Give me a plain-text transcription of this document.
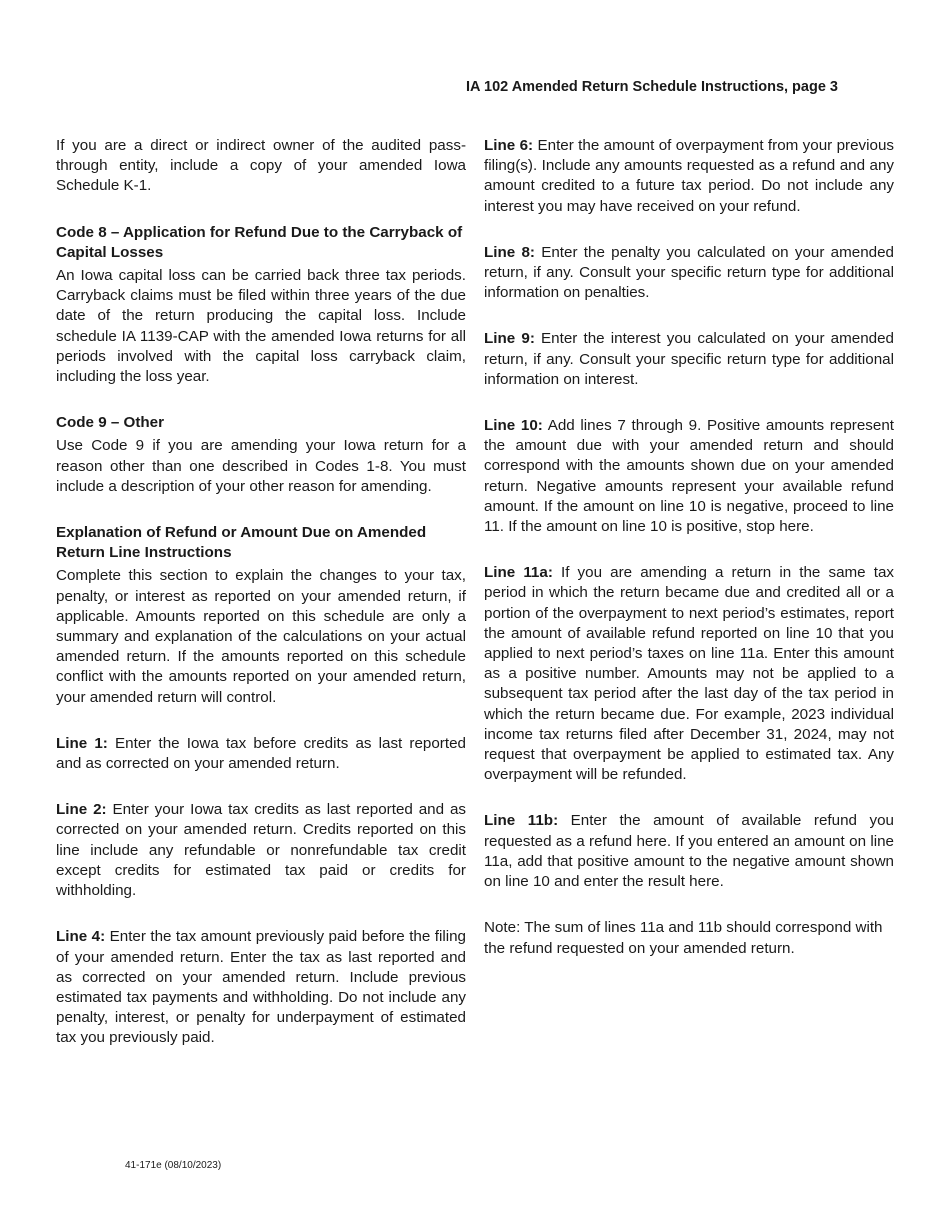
IA 102 Amended Return Schedule Instructions, page 3

If you are a direct or indirect owner of the audited pass-through entity, include a copy of your amended Iowa Schedule K-1.

Code 8 – Application for Refund Due to the Carryback of Capital Losses

An Iowa capital loss can be carried back three tax periods. Carryback claims must be filed within three years of the due date of the return producing the capital loss. Include schedule IA 1139-CAP with the amended Iowa returns for all periods involved with the capital loss carryback claim, including the loss year.

Code 9 – Other

Use Code 9 if you are amending your Iowa return for a reason other than one described in Codes 1-8. You must include a description of your other reason for amending.

Explanation of Refund or Amount Due on Amended Return Line Instructions

Complete this section to explain the changes to your tax, penalty, or interest as reported on your amended return, if applicable. Amounts reported on this schedule are only a summary and explanation of the calculations on your actual amended return. If the amounts reported on this schedule conflict with the amounts reported on your amended return, your amended return will control.

Line 1: Enter the Iowa tax before credits as last reported and as corrected on your amended return.

Line 2: Enter your Iowa tax credits as last reported and as corrected on your amended return. Credits reported on this line include any refundable or nonrefundable tax credit except credits for estimated tax paid or credits for withholding.

Line 4: Enter the tax amount previously paid before the filing of your amended return. Enter the tax as last reported and as corrected on your amended return. Include previous estimated tax payments and withholding. Do not include any penalty, interest, or penalty for underpayment of estimated tax you previously paid.

Line 6: Enter the amount of overpayment from your previous filing(s). Include any amounts requested as a refund and any amount credited to a future tax period. Do not include any interest you may have received on your refund.

Line 8: Enter the penalty you calculated on your amended return, if any. Consult your specific return type for additional information on penalties.

Line 9: Enter the interest you calculated on your amended return, if any. Consult your specific return type for additional information on interest.

Line 10: Add lines 7 through 9. Positive amounts represent the amount due with your amended return and should correspond with the amounts shown due on your amended return. Negative amounts represent your available refund amount. If the amount on line 10 is negative, proceed to line 11. If the amount on line 10 is positive, stop here.

Line 11a: If you are amending a return in the same tax period in which the return became due and credited all or a portion of the overpayment to next period’s estimates, report the amount of available refund reported on line 10 that you applied to next period’s taxes on line 11a. Enter this amount as a positive number. Amounts may not be applied to a subsequent tax period after the last day of the tax period in which the return became due. For example, 2023 individual income tax returns filed after December 31, 2024, may not request that overpayment be applied to estimated tax. Any overpayment will be refunded.

Line 11b: Enter the amount of available refund you requested as a refund here. If you entered an amount on line 11a, add that positive amount to the negative amount shown on line 10 and enter the result here.

Note: The sum of lines 11a and 11b should correspond with the refund requested on your amended return.

41-171e (08/10/2023)
